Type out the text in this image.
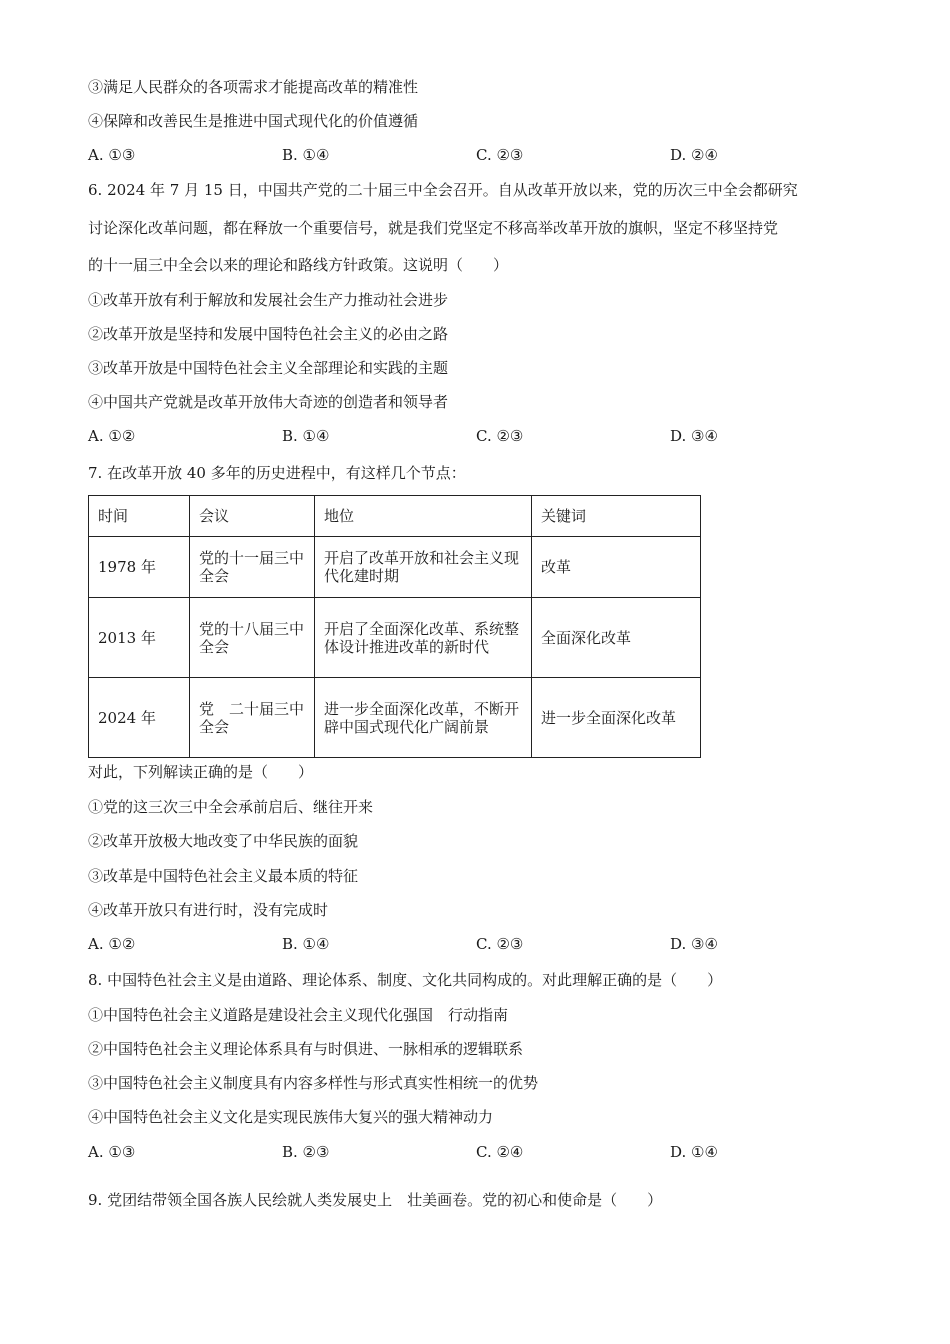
③满足人民群众的各项需求才能提高改革的精准性
④保障和改善民生是推进中国式现代化的价值遵循
A. ①③	B. ①④	C. ②③	D. ②④
6. 2024 年 7 月 15 日，中国共产党的二十届三中全会召开。自从改革开放以来，党的历次三中全会都研究
讨论深化改革问题，都在释放一个重要信号，就是我们党坚定不移高举改革开放的旗帜，坚定不移坚持党
的十一届三中全会以来的理论和路线方针政策。这说明（　　）
①改革开放有利于解放和发展社会生产力推动社会进步
②改革开放是坚持和发展中国特色社会主义的必由之路
③改革开放是中国特色社会主义全部理论和实践的主题
④中国共产党就是改革开放伟大奇迹的创造者和领导者
A. ①②	B. ①④	C. ②③	D. ③④
7. 在改革开放 40 多年的历史进程中，有这样几个节点：
时间	会议	地位	关键词
1978 年	党的十一届三中全会	开启了改革开放和社会主义现代化建时期	改革
2013 年	党的十八届三中全会	开启了全面深化改革、系统整体设计推进改革的新时代	全面深化改革
2024 年	党　二十届三中全会	进一步全面深化改革，不断开辟中国式现代化广阔前景	进一步全面深化改革
对此，下列解读正确的是（　　）
①党的这三次三中全会承前启后、继往开来
②改革开放极大地改变了中华民族的面貌
③改革是中国特色社会主义最本质的特征
④改革开放只有进行时，没有完成时
A. ①②	B. ①④	C. ②③	D. ③④
8. 中国特色社会主义是由道路、理论体系、制度、文化共同构成的。对此理解正确的是（　　）
①中国特色社会主义道路是建设社会主义现代化强国　行动指南
②中国特色社会主义理论体系具有与时俱进、一脉相承的逻辑联系
③中国特色社会主义制度具有内容多样性与形式真实性相统一的优势
④中国特色社会主义文化是实现民族伟大复兴的强大精神动力
A. ①③	B. ②③	C. ②④	D. ①④
9. 党团结带领全国各族人民绘就人类发展史上　壮美画卷。党的初心和使命是（　　）
